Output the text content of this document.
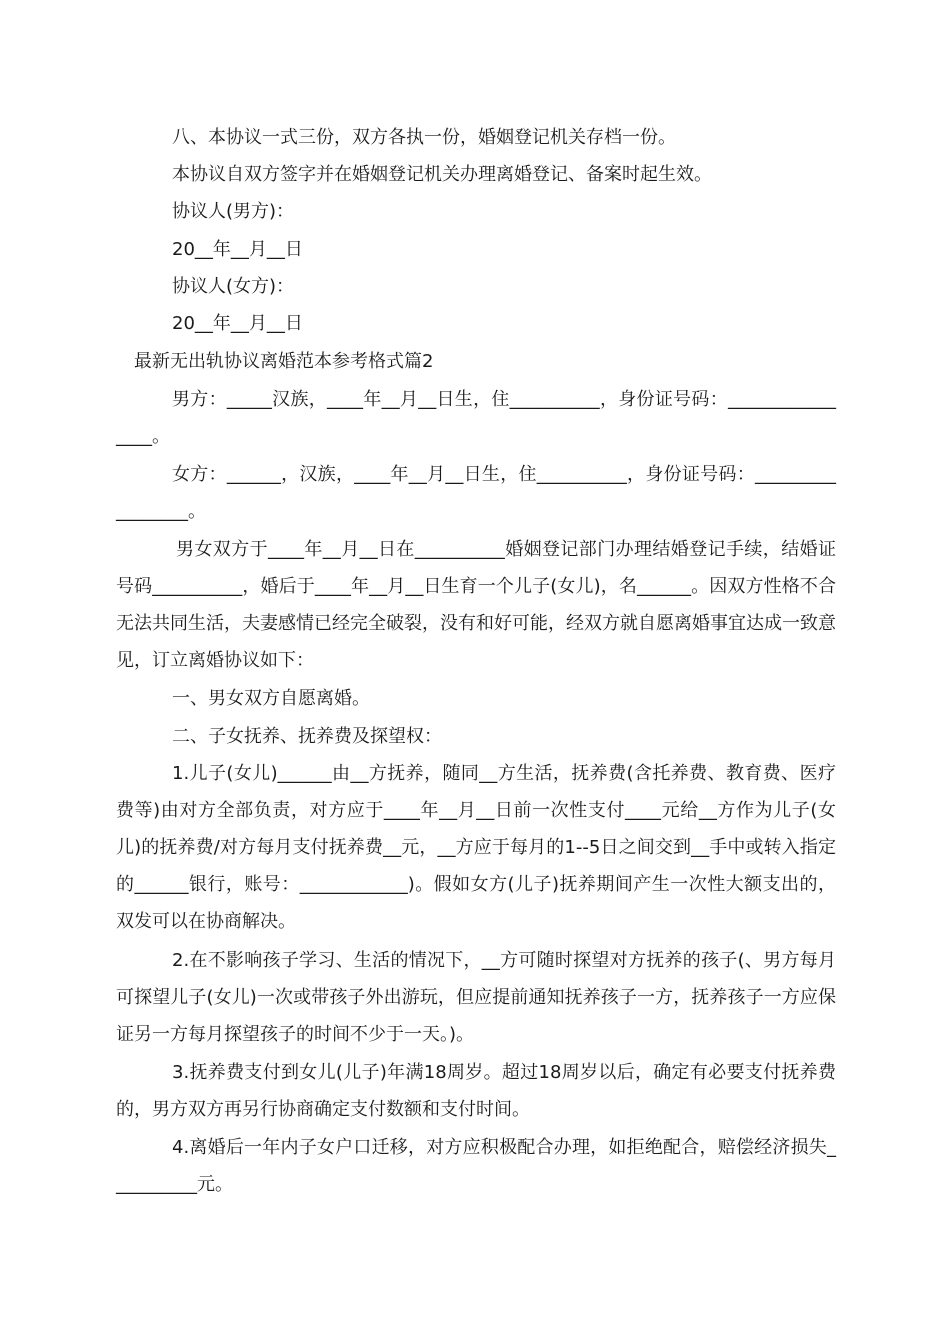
八、本协议一式三份，双方各执一份，婚姻登记机关存档一份。

本协议自双方签字并在婚姻登记机关办理离婚登记、备案时起生效。

协议人(男方)：

20__年__月__日

协议人(女方)：

20__年__月__日

最新无出轨协议离婚范本参考格式篇2

男方：_____汉族，____年__月__日生，住__________，身份证号码：________________。

女方：______，汉族，____年__月__日生，住__________，身份证号码：_________________。

男女双方于____年__月__日在__________婚姻登记部门办理结婚登记手续，结婚证号码__________，婚后于____年__月__日生育一个儿子(女儿)，名______。因双方性格不合无法共同生活，夫妻感情已经完全破裂，没有和好可能，经双方就自愿离婚事宜达成一致意见，订立离婚协议如下：

一、男女双方自愿离婚。

二、子女抚养、抚养费及探望权：

1.儿子(女儿)______由__方抚养，随同__方生活，抚养费(含托养费、教育费、医疗费等)由对方全部负责，对方应于____年__月__日前一次性支付____元给__方作为儿子(女儿)的抚养费/对方每月支付抚养费__元，__方应于每月的1--5日之间交到__手中或转入指定的______银行，账号：____________)。假如女方(儿子)抚养期间产生一次性大额支出的，双发可以在协商解决。

2.在不影响孩子学习、生活的情况下，__方可随时探望对方抚养的孩子(、男方每月可探望儿子(女儿)一次或带孩子外出游玩，但应提前通知抚养孩子一方，抚养孩子一方应保证另一方每月探望孩子的时间不少于一天。)。

3.抚养费支付到女儿(儿子)年满18周岁。超过18周岁以后，确定有必要支付抚养费的，男方双方再另行协商确定支付数额和支付时间。

4.离婚后一年内子女户口迁移，对方应积极配合办理，如拒绝配合，赔偿经济损失__________元。
